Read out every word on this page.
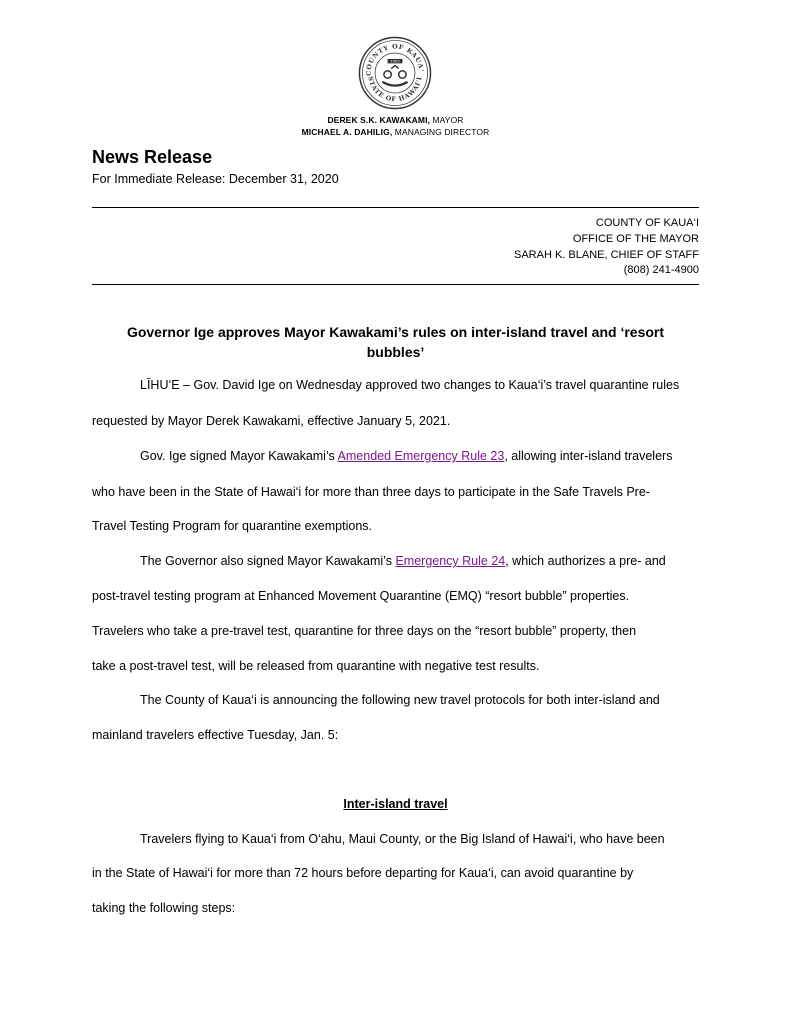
COUNTY OF KAUA'
STATE OF HAWAI'I
1905
DEREK S.K. KAWAKAMI, MAYOR
MICHAEL A. DAHILIG, MANAGING DIRECTOR
News Release
For Immediate Release: December 31, 2020
COUNTY OF KAUA‘I
OFFICE OF THE MAYOR
SARAH K. BLANE, CHIEF OF STAFF
(808) 241-4900
Governor Ige approves Mayor Kawakami’s rules on inter-island travel and ‘resort
bubbles’
LĪHU‘E – Gov. David Ige on Wednesday approved two changes to Kaua‘i’s travel quarantine rules
requested by Mayor Derek Kawakami, effective January 5, 2021.
Gov. Ige signed Mayor Kawakami’s Amended Emergency Rule 23, allowing inter-island travelers
who have been in the State of Hawai‘i for more than three days to participate in the Safe Travels Pre-
Travel Testing Program for quarantine exemptions.
The Governor also signed Mayor Kawakami’s Emergency Rule 24, which authorizes a pre- and
post-travel testing program at Enhanced Movement Quarantine (EMQ) “resort bubble” properties.
Travelers who take a pre-travel test, quarantine for three days on the “resort bubble” property, then
take a post-travel test, will be released from quarantine with negative test results.
The County of Kaua‘i is announcing the following new travel protocols for both inter-island and
mainland travelers effective Tuesday, Jan. 5:
Inter-island travel
Travelers flying to Kaua‘i from O‘ahu, Maui County, or the Big Island of Hawai‘i, who have been
in the State of Hawai‘i for more than 72 hours before departing for Kaua‘i, can avoid quarantine by
taking the following steps:
